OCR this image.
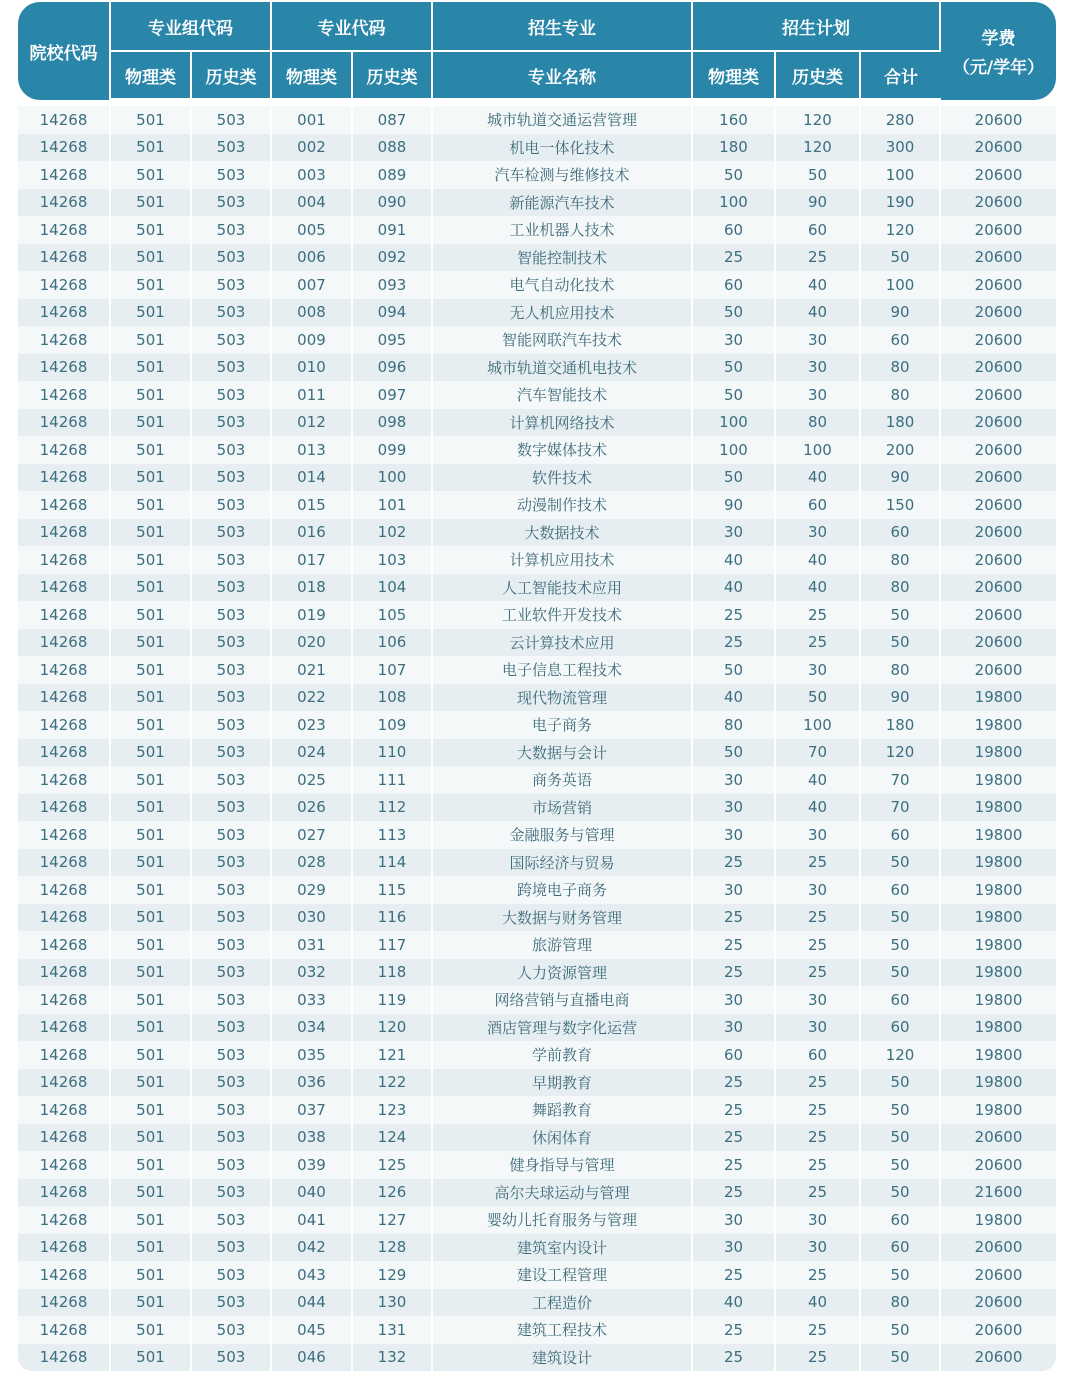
院校代码	专业组代码		专业代码		招生专业	招生计划			学费
（元/学年）

	物理类	历史类	物理类	历史类	专业名称	物理类	历史类	合计	

14268	501	503	001	087	城市轨道交通运营管理	160	120	280	20600
14268	501	503	002	088	机电一体化技术	180	120	300	20600
14268	501	503	003	089	汽车检测与维修技术	50	50	100	20600
14268	501	503	004	090	新能源汽车技术	100	90	190	20600
14268	501	503	005	091	工业机器人技术	60	60	120	20600
14268	501	503	006	092	智能控制技术	25	25	50	20600
14268	501	503	007	093	电气自动化技术	60	40	100	20600
14268	501	503	008	094	无人机应用技术	50	40	90	20600
14268	501	503	009	095	智能网联汽车技术	30	30	60	20600
14268	501	503	010	096	城市轨道交通机电技术	50	30	80	20600
14268	501	503	011	097	汽车智能技术	50	30	80	20600
14268	501	503	012	098	计算机网络技术	100	80	180	20600
14268	501	503	013	099	数字媒体技术	100	100	200	20600
14268	501	503	014	100	软件技术	50	40	90	20600
14268	501	503	015	101	动漫制作技术	90	60	150	20600
14268	501	503	016	102	大数据技术	30	30	60	20600
14268	501	503	017	103	计算机应用技术	40	40	80	20600
14268	501	503	018	104	人工智能技术应用	40	40	80	20600
14268	501	503	019	105	工业软件开发技术	25	25	50	20600
14268	501	503	020	106	云计算技术应用	25	25	50	20600
14268	501	503	021	107	电子信息工程技术	50	30	80	20600
14268	501	503	022	108	现代物流管理	40	50	90	19800
14268	501	503	023	109	电子商务	80	100	180	19800
14268	501	503	024	110	大数据与会计	50	70	120	19800
14268	501	503	025	111	商务英语	30	40	70	19800
14268	501	503	026	112	市场营销	30	40	70	19800
14268	501	503	027	113	金融服务与管理	30	30	60	19800
14268	501	503	028	114	国际经济与贸易	25	25	50	19800
14268	501	503	029	115	跨境电子商务	30	30	60	19800
14268	501	503	030	116	大数据与财务管理	25	25	50	19800
14268	501	503	031	117	旅游管理	25	25	50	19800
14268	501	503	032	118	人力资源管理	25	25	50	19800
14268	501	503	033	119	网络营销与直播电商	30	30	60	19800
14268	501	503	034	120	酒店管理与数字化运营	30	30	60	19800
14268	501	503	035	121	学前教育	60	60	120	19800
14268	501	503	036	122	早期教育	25	25	50	19800
14268	501	503	037	123	舞蹈教育	25	25	50	19800
14268	501	503	038	124	休闲体育	25	25	50	20600
14268	501	503	039	125	健身指导与管理	25	25	50	20600
14268	501	503	040	126	高尔夫球运动与管理	25	25	50	21600
14268	501	503	041	127	婴幼儿托育服务与管理	30	30	60	19800
14268	501	503	042	128	建筑室内设计	30	30	60	20600
14268	501	503	043	129	建设工程管理	25	25	50	20600
14268	501	503	044	130	工程造价	40	40	80	20600
14268	501	503	045	131	建筑工程技术	25	25	50	20600
14268	501	503	046	132	建筑设计	25	25	50	20600
